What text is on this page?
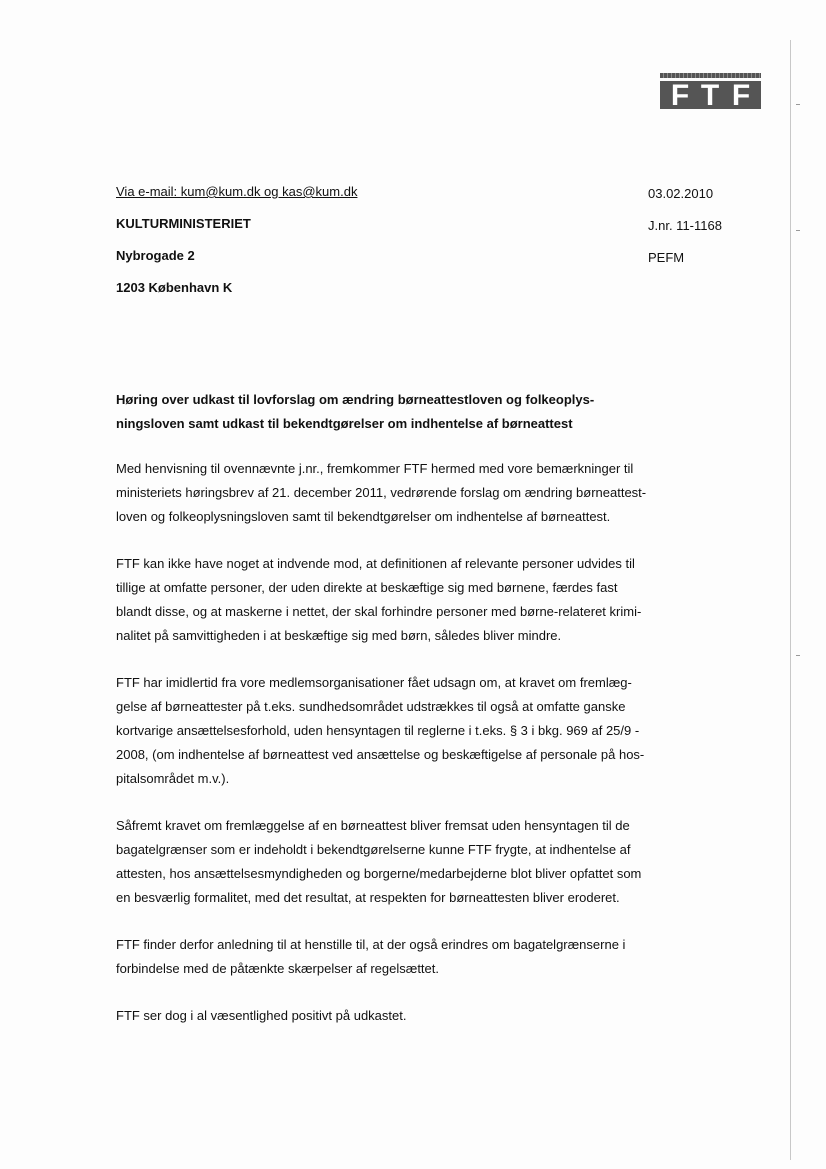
F T F
Via e-mail: kum@kum.dk og kas@kum.dk
KULTURMINISTERIET
Nybrogade 2
1203 København K
03.02.2010
J.nr. 11-1168
PEFM
Høring over udkast til lovforslag om ændring børneattestloven og folkeoplys-
ningsloven samt udkast til bekendtgørelser om indhentelse af børneattest
Med henvisning til ovennævnte j.nr., fremkommer FTF hermed med vore bemærkninger til
ministeriets høringsbrev af 21. december 2011, vedrørende forslag om ændring børneattest-
loven og folkeoplysningsloven samt til bekendtgørelser om indhentelse af børneattest.
FTF kan ikke have noget at indvende mod, at definitionen af relevante personer udvides til
tillige at omfatte personer, der uden direkte at beskæftige sig med børnene, færdes fast
blandt disse, og at maskerne i nettet, der skal forhindre personer med børne-relateret krimi-
nalitet på samvittigheden i at beskæftige sig med børn, således bliver mindre.
FTF har imidlertid fra vore medlemsorganisationer fået udsagn om, at kravet om fremlæg-
gelse af børneattester på t.eks. sundhedsområdet udstrækkes til også at omfatte ganske
kortvarige ansættelsesforhold, uden hensyntagen til reglerne i t.eks. § 3 i bkg. 969 af 25/9 -
2008, (om indhentelse af børneattest ved ansættelse og beskæftigelse af personale på hos-
pitalsområdet m.v.).
Såfremt kravet om fremlæggelse af en børneattest bliver fremsat uden hensyntagen til de
bagatelgrænser som er indeholdt i bekendtgørelserne kunne FTF frygte, at indhentelse af
attesten, hos ansættelsesmyndigheden og borgerne/medarbejderne blot bliver opfattet som
en besværlig formalitet, med det resultat, at respekten for børneattesten bliver eroderet.
FTF finder derfor anledning til at henstille til, at der også erindres om bagatelgrænserne i
forbindelse med de påtænkte skærpelser af regelsættet.
FTF ser dog i al væsentlighed positivt på udkastet.
